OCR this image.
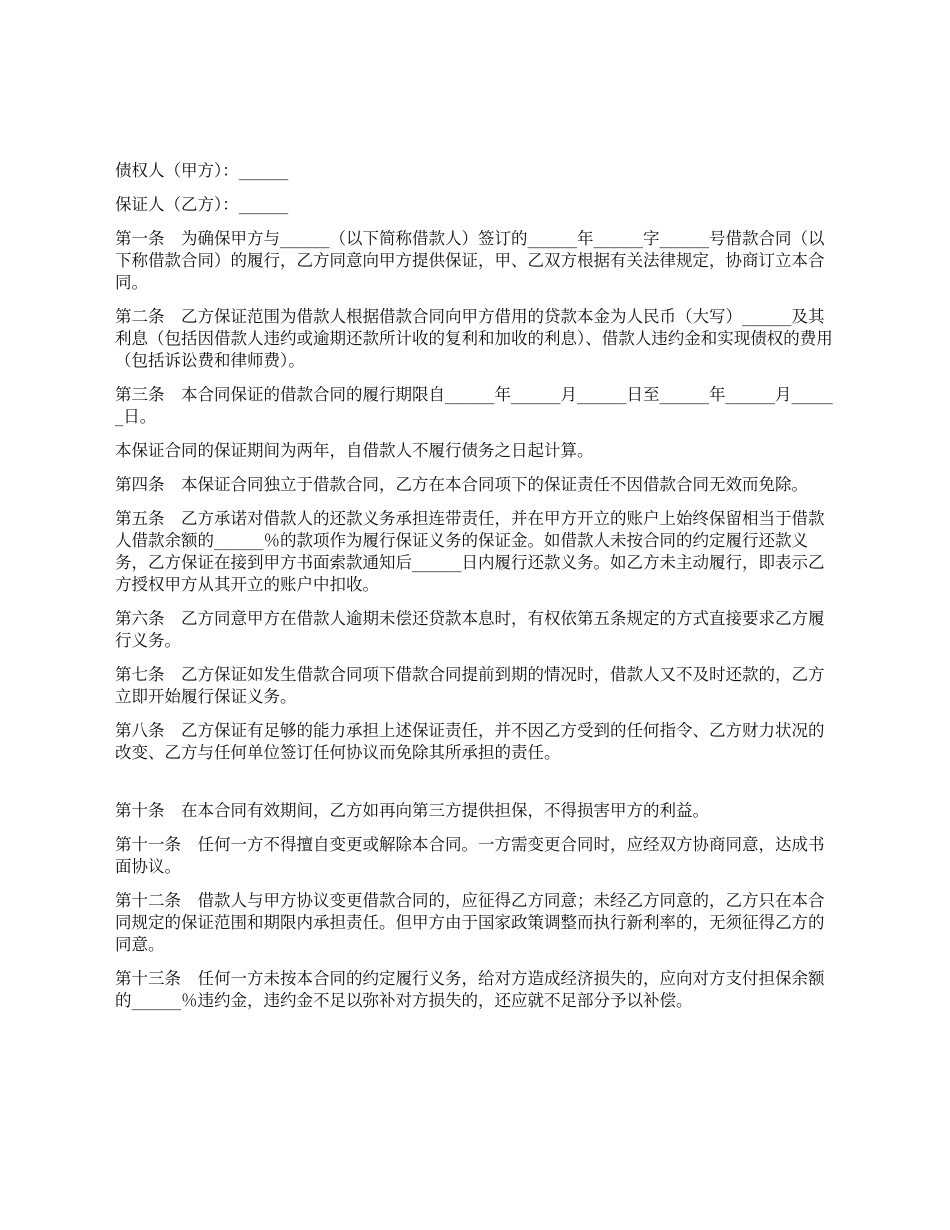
债权人（甲方）：______

保证人（乙方）：______

第一条　为确保甲方与______（以下简称借款人）签订的______年______字______号借款合同（以下称借款合同）的履行，乙方同意向甲方提供保证，甲、乙双方根据有关法律规定，协商订立本合同。

第二条　乙方保证范围为借款人根据借款合同向甲方借用的贷款本金为人民币（大写）______及其利息（包括因借款人违约或逾期还款所计收的复利和加收的利息）、借款人违约金和实现债权的费用（包括诉讼费和律师费）。

第三条　本合同保证的借款合同的履行期限自______年______月______日至______年______月______日。

本保证合同的保证期间为两年，自借款人不履行债务之日起计算。

第四条　本保证合同独立于借款合同，乙方在本合同项下的保证责任不因借款合同无效而免除。

第五条　乙方承诺对借款人的还款义务承担连带责任，并在甲方开立的账户上始终保留相当于借款人借款余额的______％的款项作为履行保证义务的保证金。如借款人未按合同的约定履行还款义务，乙方保证在接到甲方书面索款通知后______日内履行还款义务。如乙方未主动履行，即表示乙方授权甲方从其开立的账户中扣收。

第六条　乙方同意甲方在借款人逾期未偿还贷款本息时，有权依第五条规定的方式直接要求乙方履行义务。

第七条　乙方保证如发生借款合同项下借款合同提前到期的情况时，借款人又不及时还款的，乙方立即开始履行保证义务。

第八条　乙方保证有足够的能力承担上述保证责任，并不因乙方受到的任何指令、乙方财力状况的改变、乙方与任何单位签订任何协议而免除其所承担的责任。

第十条　在本合同有效期间，乙方如再向第三方提供担保，不得损害甲方的利益。

第十一条　任何一方不得擅自变更或解除本合同。一方需变更合同时，应经双方协商同意，达成书面协议。

第十二条　借款人与甲方协议变更借款合同的，应征得乙方同意；未经乙方同意的，乙方只在本合同规定的保证范围和期限内承担责任。但甲方由于国家政策调整而执行新利率的，无须征得乙方的同意。

第十三条　任何一方未按本合同的约定履行义务，给对方造成经济损失的，应向对方支付担保余额的______％违约金，违约金不足以弥补对方损失的，还应就不足部分予以补偿。
